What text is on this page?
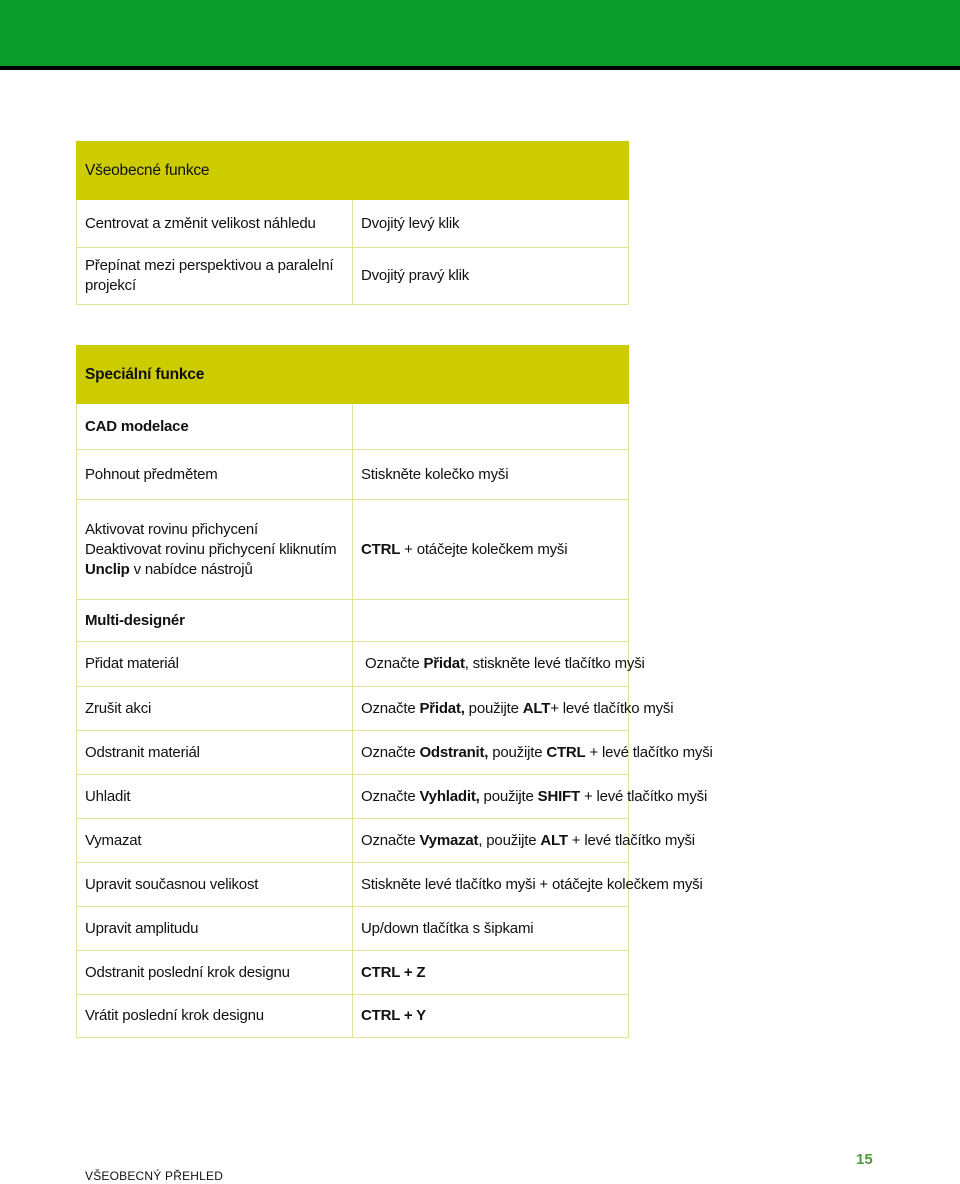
Všeobecné funkce	
Centrovat a změnit velikost náhledu	Dvojitý levý klik
Přepínat mezi perspektivou a paralelní projekcí	Dvojitý pravý klik
Speciální funkce	
CAD modelace	
Pohnout předmětem	Stiskněte kolečko myši
Aktivovat rovinu přichycení
Deaktivovat rovinu přichycení kliknutím Unclip v nabídce nástrojů	CTRL + otáčejte kolečkem myši
Multi-designér	
Přidat materiál	Označte Přidat, stiskněte levé tlačítko myši
Zrušit akci	Označte Přidat, použijte ALT+ levé tlačítko myši
Odstranit materiál	Označte Odstranit, použijte CTRL + levé tlačítko myši

Uhladit	Označte Vyhladit, použijte SHIFT + levé tlačítko myši

Vymazat	Označte Vymazat, použijte ALT + levé tlačítko myši
Upravit současnou velikost	Stiskněte levé tlačítko myši + otáčejte kolečkem myši
Upravit amplitudu	Up/down tlačítka s šipkami
Odstranit poslední krok designu	CTRL + Z
Vrátit poslední krok designu	CTRL + Y
VŠEOBECNÝ PŘEHLED
15
